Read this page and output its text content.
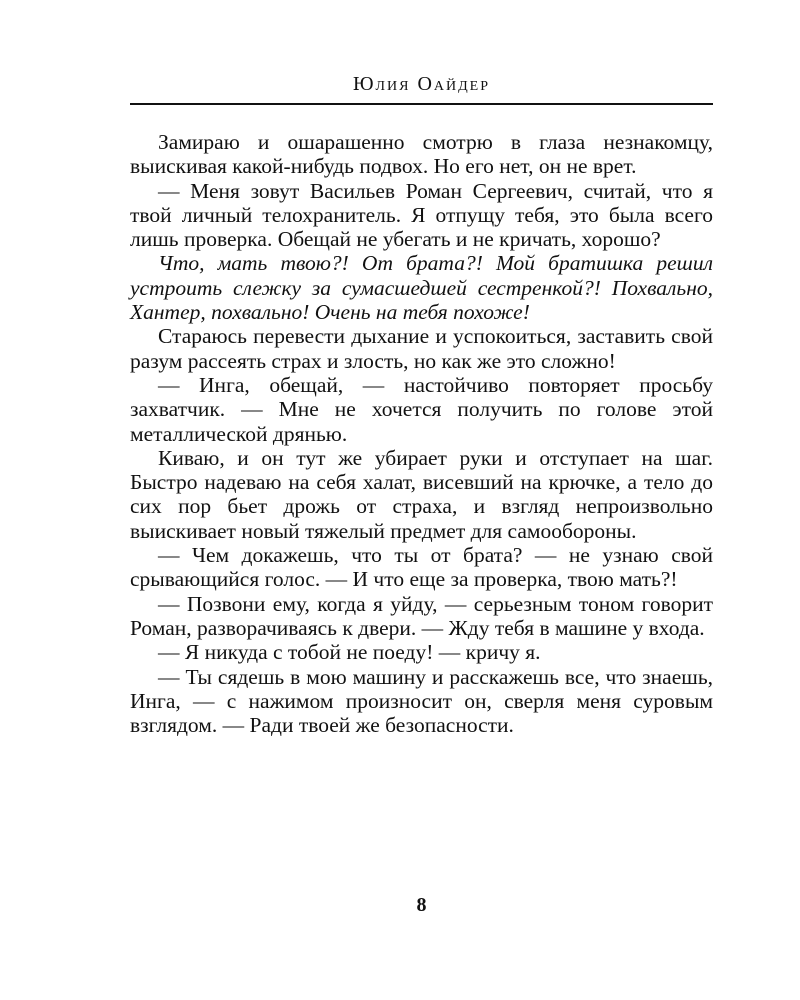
Юлия Оайдер

Замираю и ошарашенно смотрю в глаза незнакомцу, выискивая какой-нибудь подвох. Но его нет, он не врет.

— Меня зовут Васильев Роман Сергеевич, считай, что я твой личный телохранитель. Я отпущу тебя, это была всего лишь проверка. Обещай не убегать и не кричать, хорошо?

Что, мать твою?! От брата?! Мой братишка решил устроить слежку за сумасшедшей сестренкой?! Похвально, Хантер, похвально! Очень на тебя похоже!

Стараюсь перевести дыхание и успокоиться, заставить свой разум рассеять страх и злость, но как же это сложно!

— Инга, обещай, — настойчиво повторяет просьбу захватчик. — Мне не хочется получить по голове этой металлической дрянью.

Киваю, и он тут же убирает руки и отступает на шаг. Быстро надеваю на себя халат, висевший на крючке, а тело до сих пор бьет дрожь от страха, и взгляд непроизвольно выискивает новый тяжелый предмет для самообороны.

— Чем докажешь, что ты от брата? — не узнаю свой срывающийся голос. — И что еще за проверка, твою мать?!

— Позвони ему, когда я уйду, — серьезным тоном говорит Роман, разворачиваясь к двери. — Жду тебя в машине у входа.

— Я никуда с тобой не поеду! — кричу я.

— Ты сядешь в мою машину и расскажешь все, что знаешь, Инга, — с нажимом произносит он, сверля меня суровым взглядом. — Ради твоей же безопасности.

8
